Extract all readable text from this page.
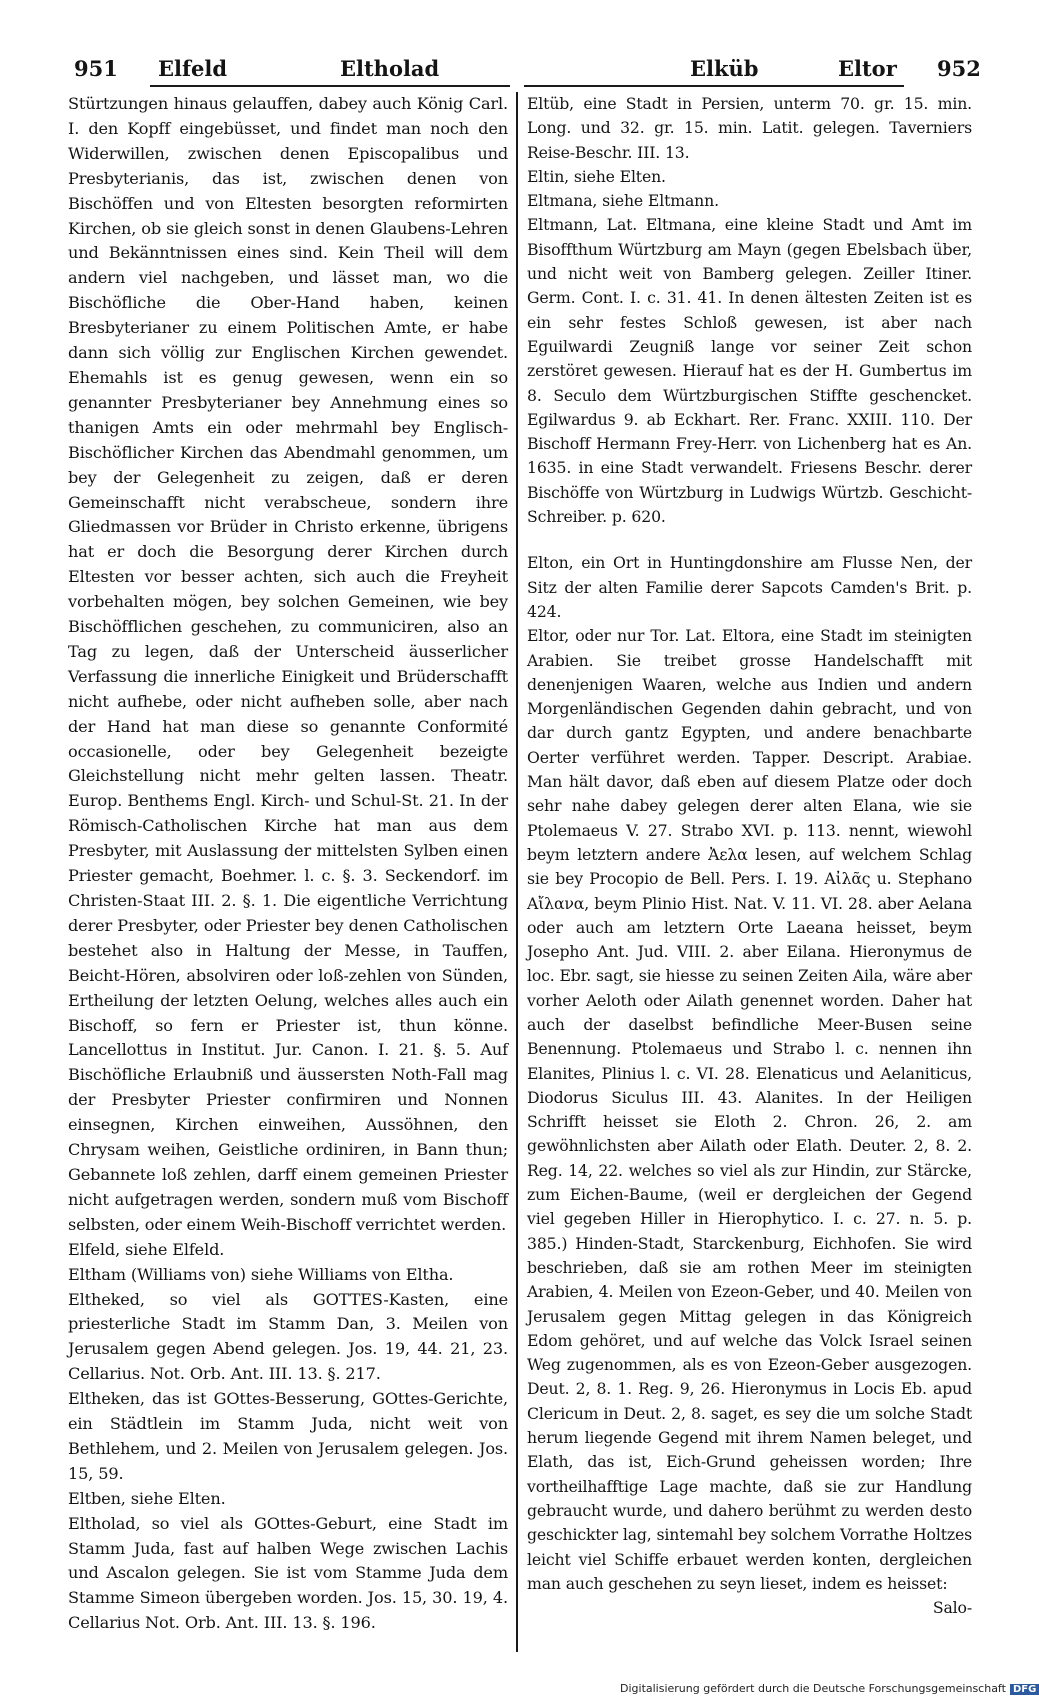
951 Elfeld	Eltholad	Elküb	Eltor 952

Stürtzungen hinaus gelauffen, dabey auch König Carl. I. den Kopff eingebüsset, und findet man noch den Widerwillen, zwischen denen Episcopalibus und Presbyterianis, das ist, zwischen denen von Bischöffen und von Eltesten besorgten reformirten Kirchen, ob sie gleich sonst in denen Glaubens-Lehren und Bekänntnissen eines sind. Kein Theil will dem andern viel nachgeben, und lässet man, wo die Bischöfliche die Ober-Hand haben, keinen Bresbyterianer zu einem Politischen Amte, er habe dann sich völlig zur Englischen Kirchen gewendet. Ehemahls ist es genug gewesen, wenn ein so genannter Presbyterianer bey Annehmung eines so thanigen Amts ein oder mehrmahl bey Englisch-Bischöflicher Kirchen das Abendmahl genommen, um bey der Gelegenheit zu zeigen, daß er deren Gemeinschafft nicht verabscheue, sondern ihre Gliedmassen vor Brüder in Christo erkenne, übrigens hat er doch die Besorgung derer Kirchen durch Eltesten vor besser achten, sich auch die Freyheit vorbehalten mögen, bey solchen Gemeinen, wie bey Bischöfflichen geschehen, zu communiciren, also an Tag zu legen, daß der Unterscheid äusserlicher Verfassung die innerliche Einigkeit und Brüderschafft nicht aufhebe, oder nicht aufheben solle, aber nach der Hand hat man diese so genannte Conformité occasionelle, oder bey Gelegenheit bezeigte Gleichstellung nicht mehr gelten lassen. Theatr. Europ. Benthems Engl. Kirch- und Schul-St. 21. In der Römisch-Catholischen Kirche hat man aus dem Presbyter, mit Auslassung der mittelsten Sylben einen Priester gemacht, Boehmer. l. c. §. 3. Seckendorf. im Christen-Staat III. 2. §. 1. Die eigentliche Verrichtung derer Presbyter, oder Priester bey denen Catholischen bestehet also in Haltung der Messe, in Tauffen, Beicht-Hören, absolviren oder loß-zehlen von Sünden, Ertheilung der letzten Oelung, welches alles auch ein Bischoff, so fern er Priester ist, thun könne. Lancellottus in Institut. Jur. Canon. I. 21. §. 5. Auf Bischöfliche Erlaubniß und äussersten Noth-Fall mag der Presbyter Priester confirmiren und Nonnen einsegnen, Kirchen einweihen, Aussöhnen, den Chrysam weihen, Geistliche ordiniren, in Bann thun; Gebannete loß zehlen, darff einem gemeinen Priester nicht aufgetragen werden, sondern muß vom Bischoff selbsten, oder einem Weih-Bischoff verrichtet werden.

Elfeld, siehe Elfeld.

Eltham (Williams von) siehe Williams von Eltha.

Eltheked, so viel als GOTTES-Kasten, eine priesterliche Stadt im Stamm Dan, 3. Meilen von Jerusalem gegen Abend gelegen. Jos. 19, 44. 21, 23. Cellarius. Not. Orb. Ant. III. 13. §. 217.

Eltheken, das ist GOttes-Besserung, GOttes-Gerichte, ein Städtlein im Stamm Juda, nicht weit von Bethlehem, und 2. Meilen von Jerusalem gelegen. Jos. 15, 59.

Eltben, siehe Elten.

Eltholad, so viel als GOttes-Geburt, eine Stadt im Stamm Juda, fast auf halben Wege zwischen Lachis und Ascalon gelegen. Sie ist vom Stamme Juda dem Stamme Simeon übergeben worden. Jos. 15, 30. 19, 4. Cellarius Not. Orb. Ant. III. 13. §. 196.

Eltüb, eine Stadt in Persien, unterm 70. gr. 15. min. Long. und 32. gr. 15. min. Latit. gelegen. Taverniers Reise-Beschr. III. 13.

Eltin, siehe Elten.

Eltmana, siehe Eltmann.

Eltmann, Lat. Eltmana, eine kleine Stadt und Amt im Bisoffthum Würtzburg am Mayn (gegen Ebelsbach über, und nicht weit von Bamberg gelegen. Zeiller Itiner. Germ. Cont. I. c. 31. 41. In denen ältesten Zeiten ist es ein sehr festes Schloß gewesen, ist aber nach Eguilwardi Zeugniß lange vor seiner Zeit schon zerstöret gewesen. Hierauf hat es der H. Gumbertus im 8. Seculo dem Würtzburgischen Stiffte geschencket. Egilwardus 9. ab Eckhart. Rer. Franc. XXIII. 110. Der Bischoff Hermann Frey-Herr. von Lichenberg hat es An. 1635. in eine Stadt verwandelt. Friesens Beschr. derer Bischöffe von Würtzburg in Ludwigs Würtzb. Geschicht-Schreiber. p. 620.

Elton, ein Ort in Huntingdonshire am Flusse Nen, der Sitz der alten Familie derer Sapcots Camden's Brit. p. 424.

Eltor, oder nur Tor. Lat. Eltora, eine Stadt im steinigten Arabien. Sie treibet grosse Handelschafft mit denenjenigen Waaren, welche aus Indien und andern Morgenländischen Gegenden dahin gebracht, und von dar durch gantz Egypten, und andere benachbarte Oerter verführet werden. Tapper. Descript. Arabiae. Man hält davor, daß eben auf diesem Platze oder doch sehr nahe dabey gelegen derer alten Elana, wie sie Ptolemaeus V. 27. Strabo XVI. p. 113. nennt, wiewohl beym letztern andere Ἀελα lesen, auf welchem Schlag sie bey Procopio de Bell. Pers. I. 19. Αἰλᾶς u. Stephano Αἴλανα, beym Plinio Hist. Nat. V. 11. VI. 28. aber Aelana oder auch am letztern Orte Laeana heisset, beym Josepho Ant. Jud. VIII. 2. aber Eilana. Hieronymus de loc. Ebr. sagt, sie hiesse zu seinen Zeiten Aila, wäre aber vorher Aeloth oder Ailath genennet worden. Daher hat auch der daselbst befindliche Meer-Busen seine Benennung. Ptolemaeus und Strabo l. c. nennen ihn Elanites, Plinius l. c. VI. 28. Elenaticus und Aelaniticus, Diodorus Siculus III. 43. Alanites. In der Heiligen Schrifft heisset sie Eloth 2. Chron. 26, 2. am gewöhnlichsten aber Ailath oder Elath. Deuter. 2, 8. 2. Reg. 14, 22. welches so viel als zur Hindin, zur Stärcke, zum Eichen-Baume, (weil er dergleichen der Gegend viel gegeben Hiller in Hierophytico. I. c. 27. n. 5. p. 385.) Hinden-Stadt, Starckenburg, Eichhofen. Sie wird beschrieben, daß sie am rothen Meer im steinigten Arabien, 4. Meilen von Ezeon-Geber, und 40. Meilen von Jerusalem gegen Mittag gelegen in das Königreich Edom gehöret, und auf welche das Volck Israel seinen Weg zugenommen, als es von Ezeon-Geber ausgezogen. Deut. 2, 8. 1. Reg. 9, 26. Hieronymus in Locis Eb. apud Clericum in Deut. 2, 8. saget, es sey die um solche Stadt herum liegende Gegend mit ihrem Namen beleget, und Elath, das ist, Eich-Grund geheissen worden; Ihre vortheilhafftige Lage machte, daß sie zur Handlung gebraucht wurde, und dahero berühmt zu werden desto geschickter lag, sintemahl bey solchem Vorrathe Holtzes leicht viel Schiffe erbauet werden konten, dergleichen man auch geschehen zu seyn lieset, indem es heisset:

Salo-

Digitalisierung gefördert durch die Deutsche Forschungsgemeinschaft DFG
